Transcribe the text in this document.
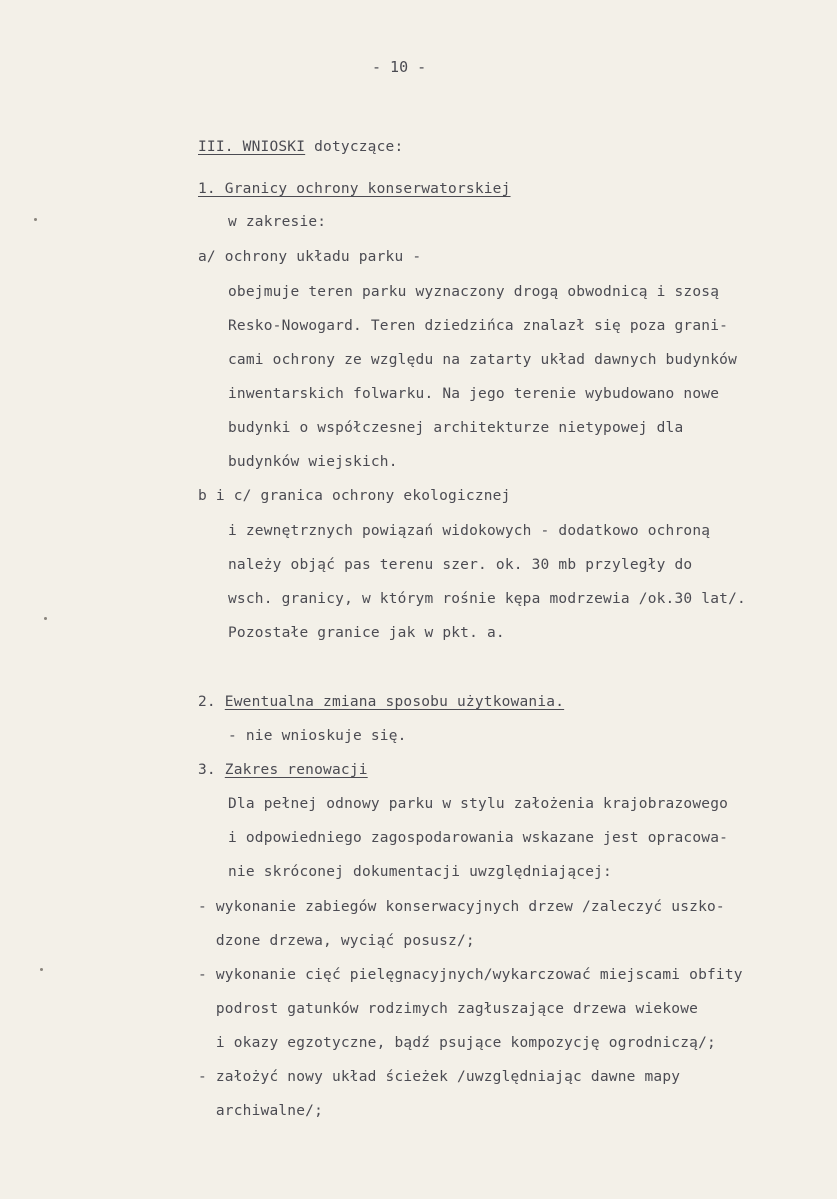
- 10 -
III. WNIOSKI dotyczące:
1. Granicy ochrony konserwatorskiej
w zakresie:
a/ ochrony układu parku -
obejmuje teren parku wyznaczony drogą obwodnicą i szosą
Resko-Nowogard. Teren dziedzińca znalazł się poza grani-
cami ochrony ze względu na zatarty układ dawnych budynków
inwentarskich folwarku. Na jego terenie wybudowano nowe
budynki o współczesnej architekturze nietypowej dla
budynków wiejskich.
b i c/ granica ochrony ekologicznej
i zewnętrznych powiązań widokowych - dodatkowo ochroną
należy objąć pas terenu szer. ok. 30 mb przyległy do
wsch. granicy, w którym rośnie kępa modrzewia /ok.30 lat/.
Pozostałe granice jak w pkt. a.
2. Ewentualna zmiana sposobu użytkowania.
- nie wnioskuje się.
3. Zakres renowacji
Dla pełnej odnowy parku w stylu założenia krajobrazowego
i odpowiedniego zagospodarowania wskazane jest opracowa-
nie skróconej dokumentacji uwzględniającej:
- wykonanie zabiegów konserwacyjnych drzew /zaleczyć uszko-
dzone drzewa, wyciąć posusz/;
- wykonanie cięć pielęgnacyjnych/wykarczować miejscami obfity
podrost gatunków rodzimych zagłuszające drzewa wiekowe
i okazy egzotyczne, bądź psujące kompozycję ogrodniczą/;
- założyć nowy układ ścieżek /uwzględniając dawne mapy
archiwalne/;
